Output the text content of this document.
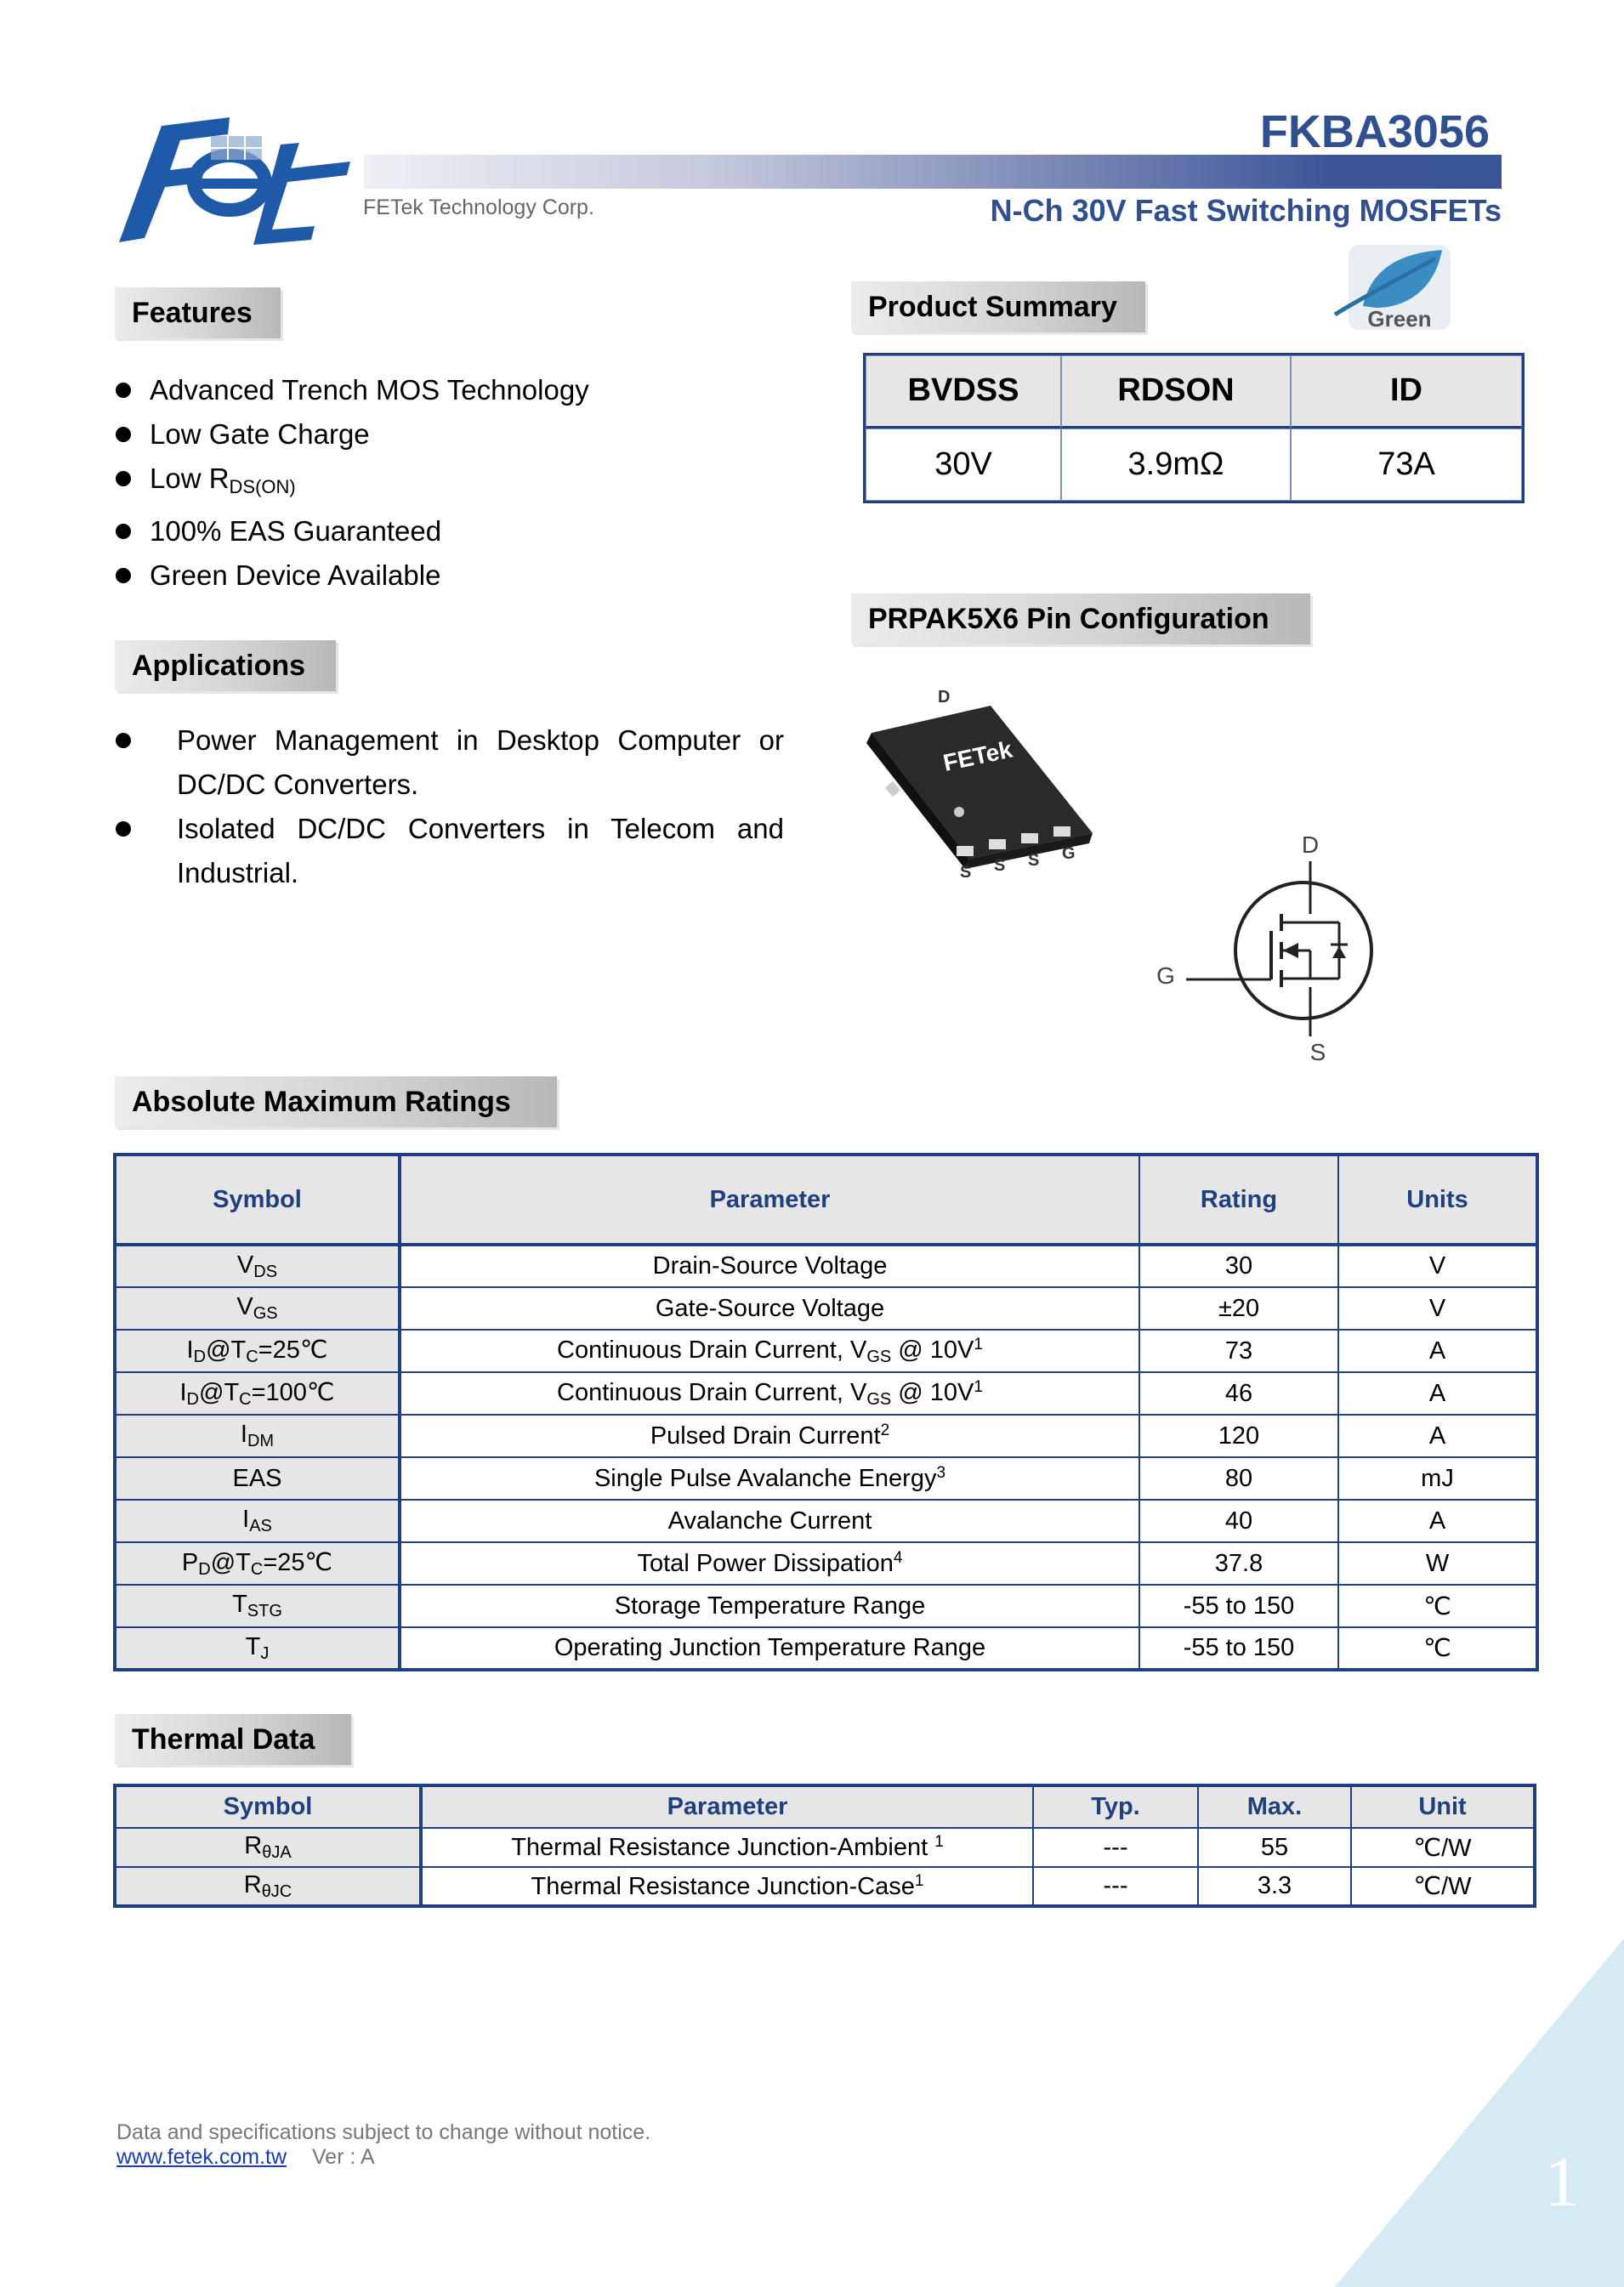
1
FKBA3056
FETek Technology Corp.	N-Ch 30V Fast Switching MOSFETs
Features
Advanced Trench MOS Technology
Low Gate Charge
Low $R_{DS(ON)}$
100% EAS Guaranteed
Green Device Available
Applications
Power Management in Desktop Computer or DC/DC Converters.
Isolated DC/DC Converters in Telecom and Industrial.
Product Summary	Green
BVDSS	RDSON	ID
30V	3.9mΩ	73A
PRPAK5X6 Pin Configuration
D
FETek
S S S G	D
G
S
Absolute Maximum Ratings
Symbol	Parameter	Rating	Units
VDS	Drain-Source Voltage	30	V
VGS	Gate-Source Voltage	±20	V
ID@TC=25℃	Continuous Drain Current, VGS @ $10V^1$	73	A
ID@TC=100℃	Continuous Drain Current, VGS @ $10V^1$	46	A
IDM	Pulsed Drain Current$^2$	120	A
EAS	Single Pulse Avalanche Energy$^3$	80	mJ
IAS	Avalanche Current	40	A
PD@TC=25℃	Total Power Dissipation$^4$	37.8	W
TSTG	Storage Temperature Range	-55 to 150	℃
TJ	Operating Junction Temperature Range	-55 to 150	℃
Thermal Data
Symbol	Parameter	Typ.	Max.	Unit
RθJA	Thermal Resistance Junction-Ambient $^1$	---	55	℃/W
RθJC	Thermal Resistance Junction-Case$^1$	---	3.3	℃/W
Data and specifications subject to change without notice.
www.fetek.com.tw Ver : A
